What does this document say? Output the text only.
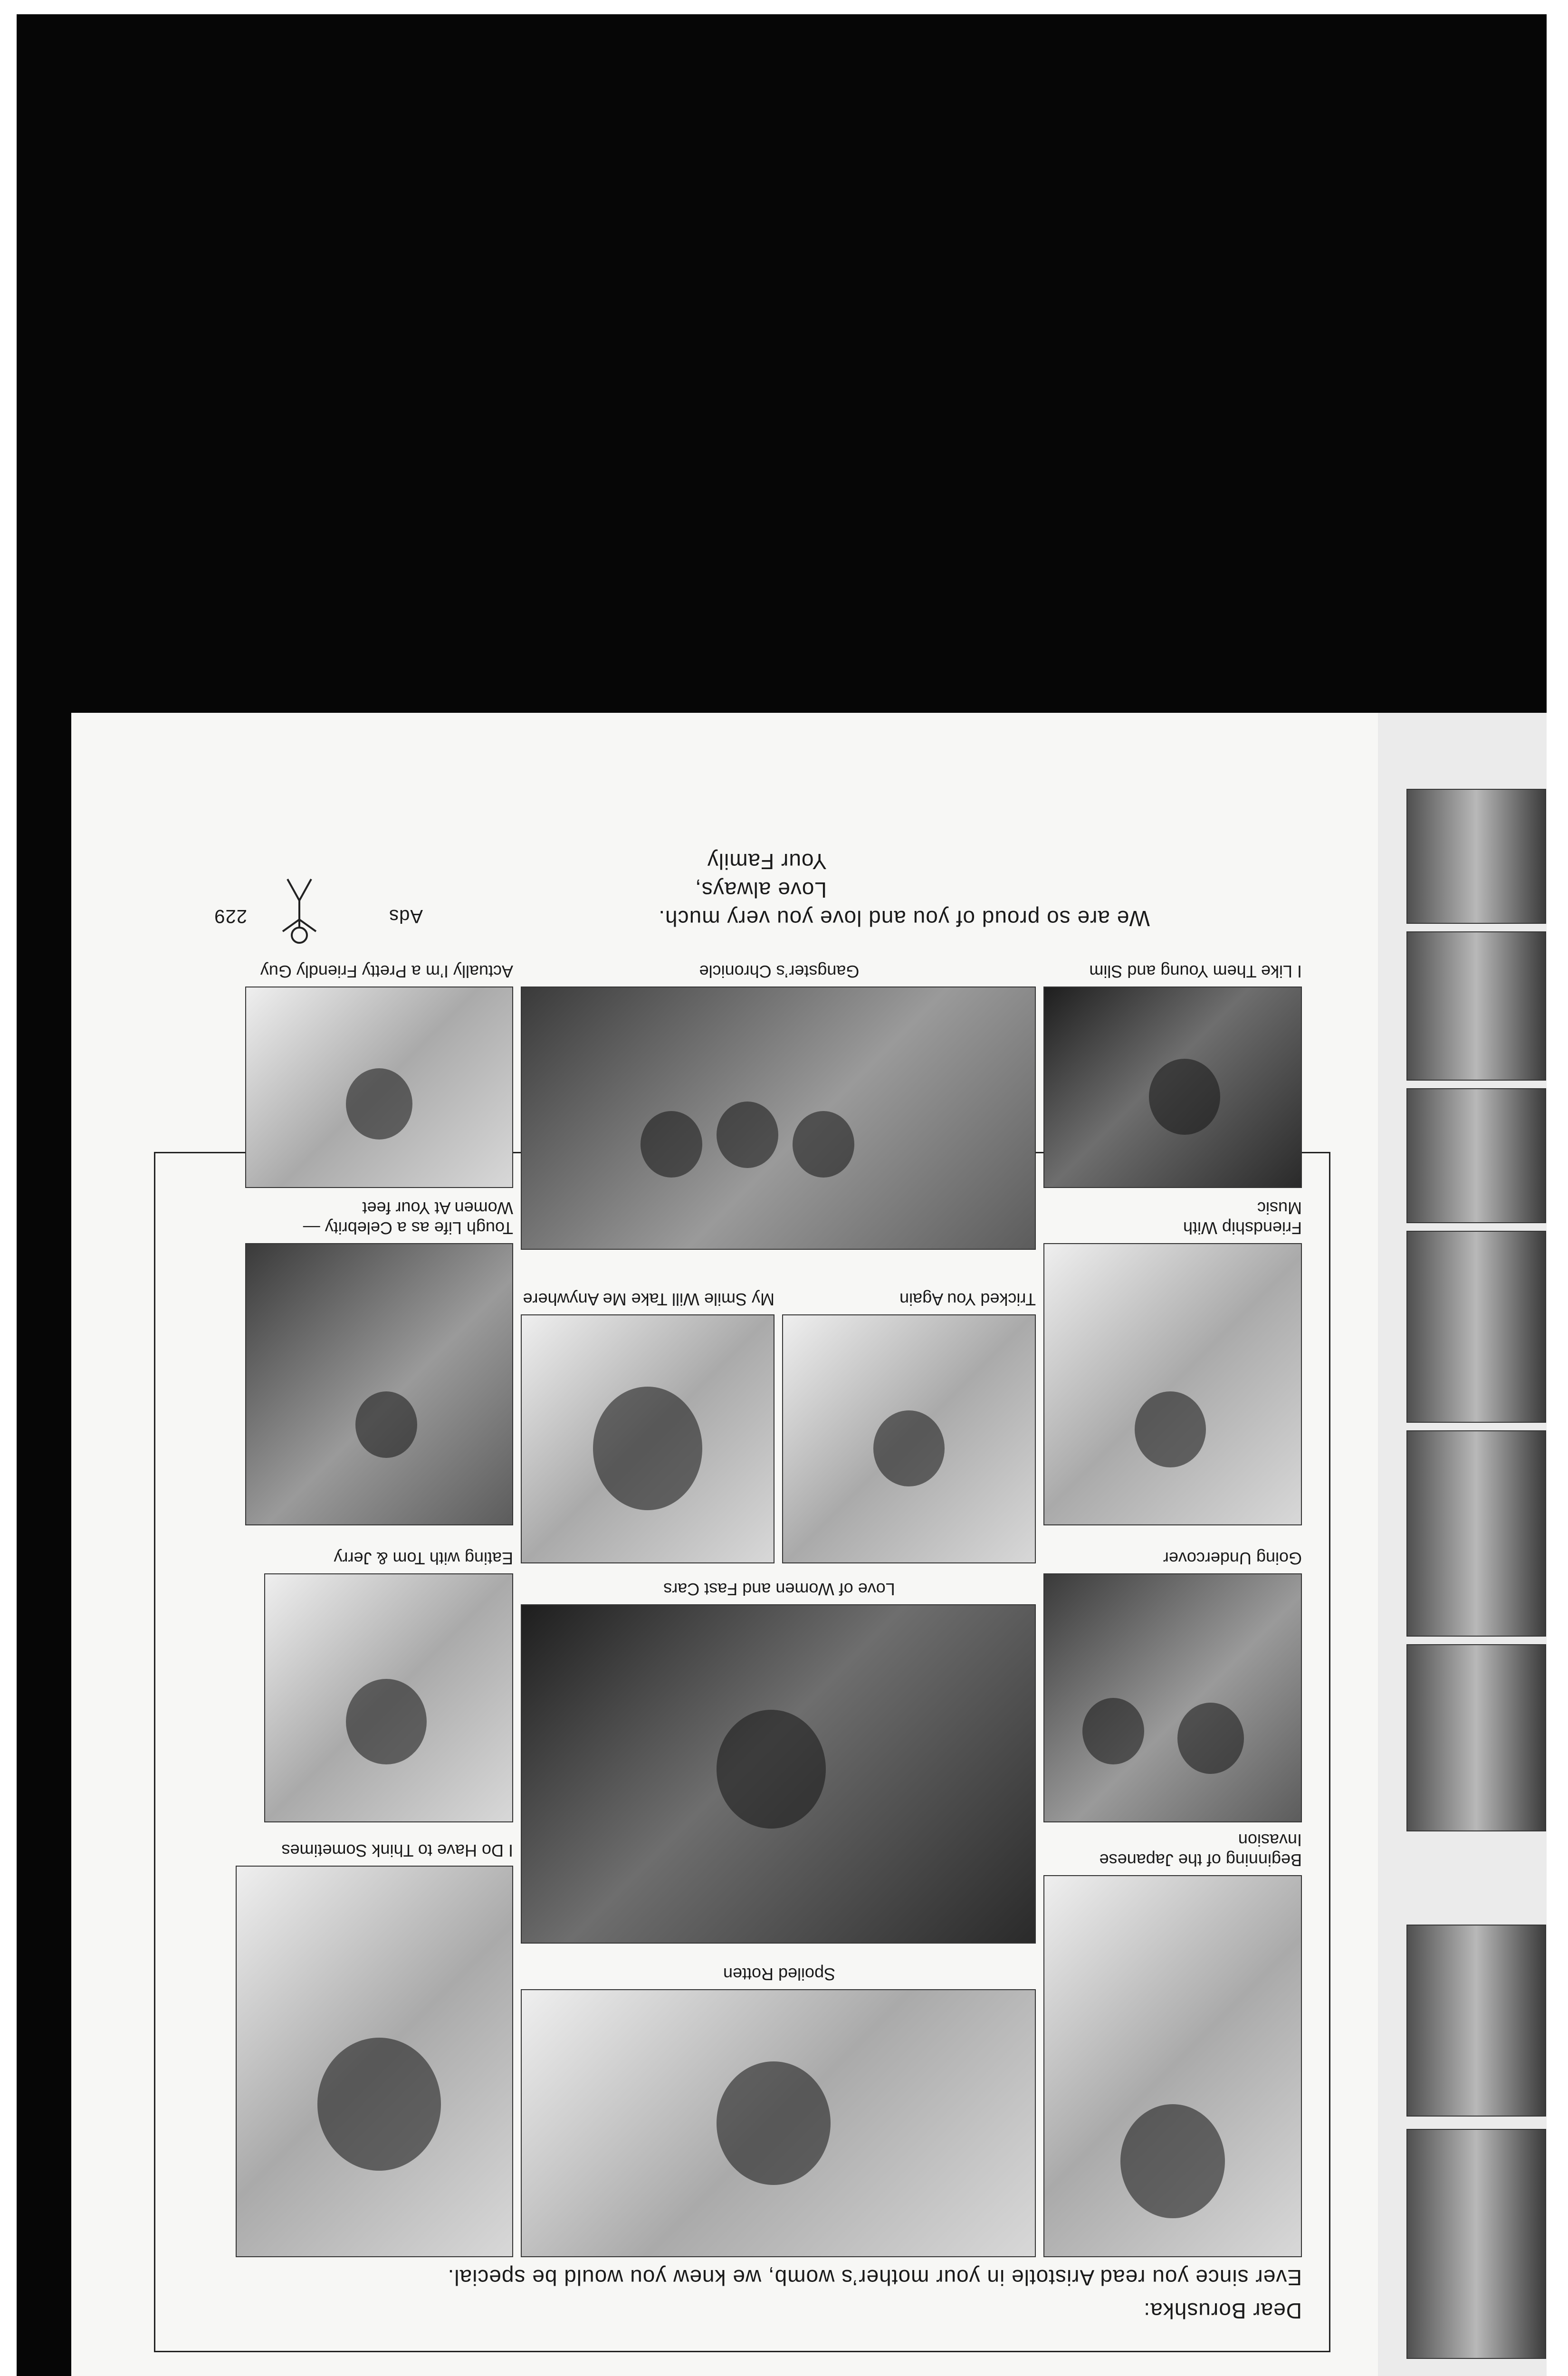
Dear Borushka:
Ever since you read Aristotle in your mother’s womb, we knew you would be special.
Beginning of the Japanese Invasion
Going Undercover
Friendship With Music
I Like Them Young and Slim
Spoiled Rotten
Love of Women and Fast Cars
Tricked You Again
My Smile Will Take Me Anywhere
Gangster’s Chronicle
I Do Have to Think Sometimes
Eating with Tom & Jerry
Tough Life as a Celebrity — Women At Your feet
Actually I’m a Pretty Friendly Guy
We are so proud of you and love you very much.
Love always,
Your Family
Ads
229
